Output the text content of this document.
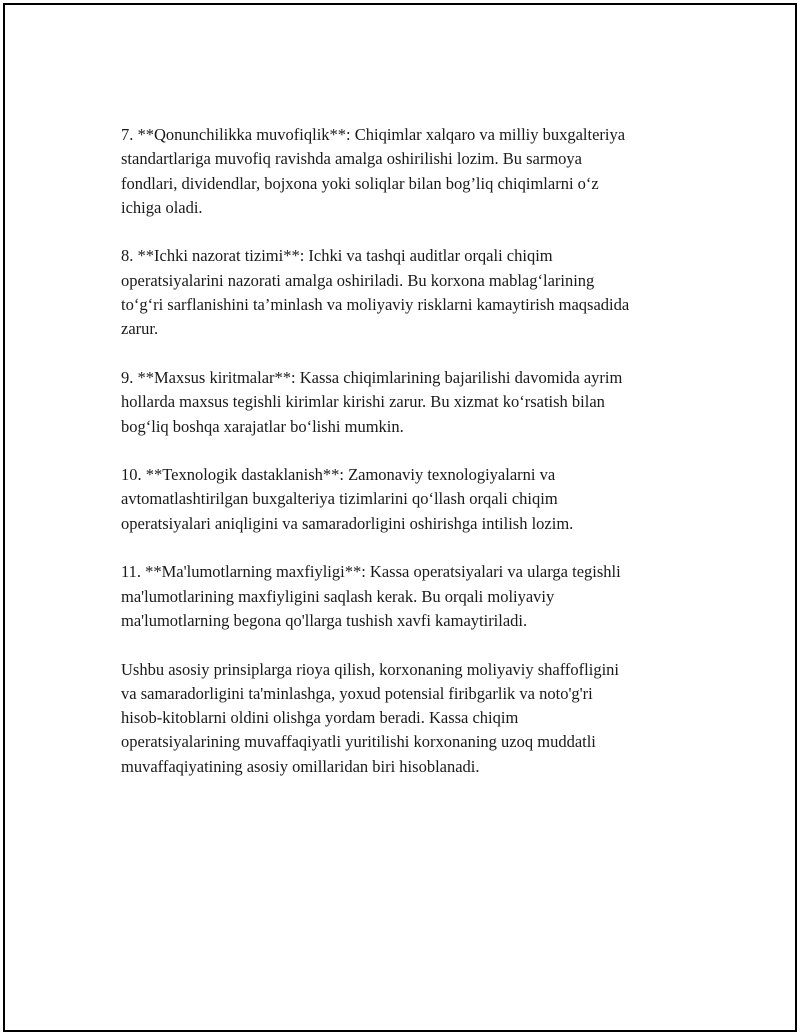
7. **Qonunchilikka muvofiqlik**: Chiqimlar xalqaro va milliy buxgalteriya
standartlariga muvofiq ravishda amalga oshirilishi lozim. Bu sarmoya
fondlari, dividendlar, bojxona yoki soliqlar bilan bog’liq chiqimlarni o‘z
ichiga oladi.

8. **Ichki nazorat tizimi**: Ichki va tashqi auditlar orqali chiqim
operatsiyalarini nazorati amalga oshiriladi. Bu korxona mablag‘larining
to‘g‘ri sarflanishini ta’minlash va moliyaviy risklarni kamaytirish maqsadida
zarur.

9. **Maxsus kiritmalar**: Kassa chiqimlarining bajarilishi davomida ayrim
hollarda maxsus tegishli kirimlar kirishi zarur. Bu xizmat ko‘rsatish bilan
bog‘liq boshqa xarajatlar bo‘lishi mumkin.

10. **Texnologik dastaklanish**: Zamonaviy texnologiyalarni va
avtomatlashtirilgan buxgalteriya tizimlarini qo‘llash orqali chiqim
operatsiyalari aniqligini va samaradorligini oshirishga intilish lozim.

11. **Ma'lumotlarning maxfiyligi**: Kassa operatsiyalari va ularga tegishli
ma'lumotlarining maxfiyligini saqlash kerak. Bu orqali moliyaviy
ma'lumotlarning begona qo'llarga tushish xavfi kamaytiriladi.

Ushbu asosiy prinsiplarga rioya qilish, korxonaning moliyaviy shaffofligini
va samaradorligini ta'minlashga, yoxud potensial firibgarlik va noto'g'ri
hisob-kitoblarni oldini olishga yordam beradi. Kassa chiqim
operatsiyalarining muvaffaqiyatli yuritilishi korxonaning uzoq muddatli
muvaffaqiyatining asosiy omillaridan biri hisoblanadi.
